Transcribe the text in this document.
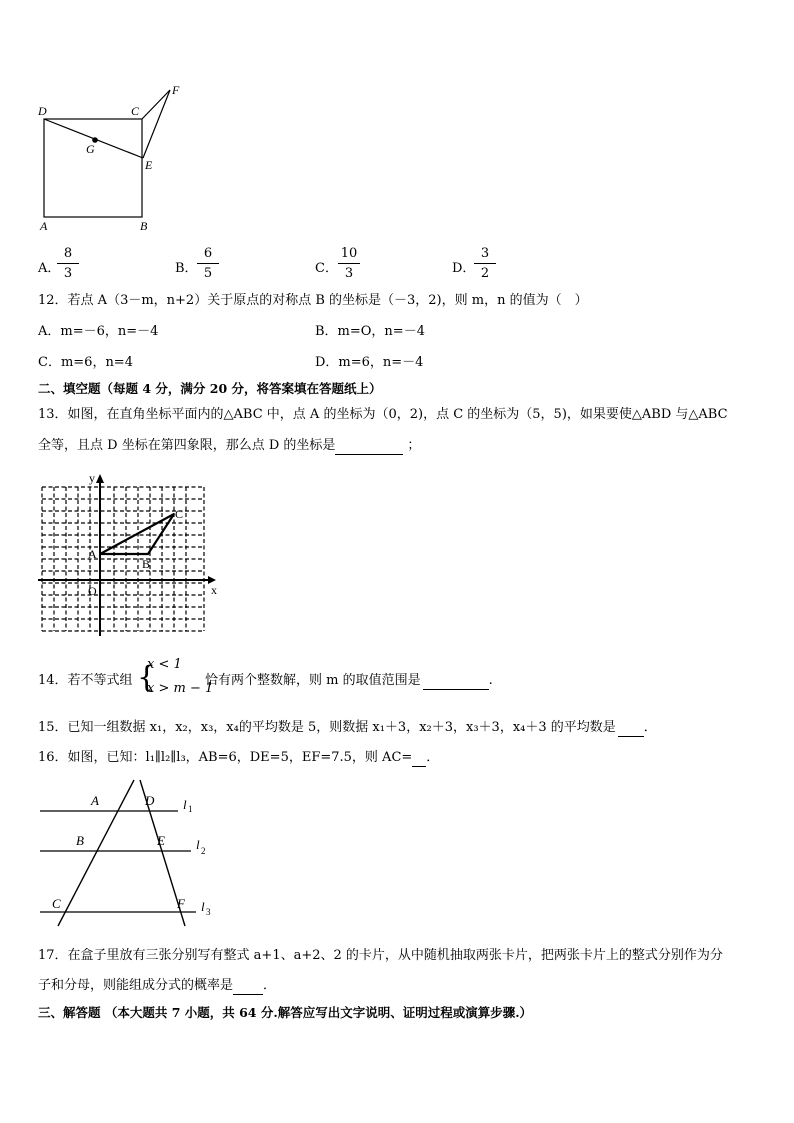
D	C
F
G
E
A	B
A．
$\frac{8}{3}$	B． $\frac{6}{5}$	C． $\frac{10}{3}$	D．
$\frac{3}{2}$
12．若点 A（3－m，n+2）关于原点的对称点 B 的坐标是（－3，2)，则 m，n 的值为（　）
A．m=－6，n=－4	B．m=O，n=－4
C．m=6，n=4	D．m=6，n=－4
二、填空题（每题 4 分，满分 20 分，将答案填在答题纸上）
13．如图，在直角坐标平面内的△ABC 中，点 A 的坐标为（0，2)，点 C 的坐标为（5，5)，如果要使△ABD 与△ABC
全等，且点 D 坐标在第四象限，那么点 D 的坐标是	；
y
x
O
A
B
C
14．若不等式组 {
x < 1
x > m − 1
恰有两个整数解，则 m 的取值范围是	.
15．已知一组数据 x₁，x₂，x₃，x₄的平均数是 5，则数据 x₁＋3，x₂＋3，x₃＋3，x₄＋3 的平均数是 ．
16．如图，已知：l₁∥l₂∥l₃，AB=6，DE=5，EF=7.5，则 AC= ．
A	D
B	E
C	F
l 1
l 2
l 3
17．在盒子里放有三张分别写有整式 a+1、a+2、2 的卡片，从中随机抽取两张卡片，把两张卡片上的整式分别作为分
子和分母，则能组成分式的概率是 ．
三、解答题 （本大题共 7 小题，共 64 分.解答应写出文字说明、证明过程或演算步骤.）
